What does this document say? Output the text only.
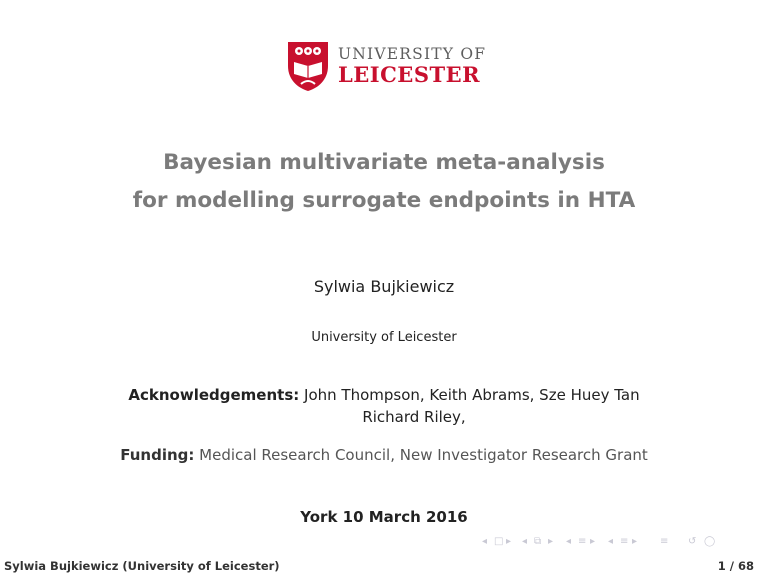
UNIVERSITY OF
LEICESTER
Bayesian multivariate meta-analysis
for modelling surrogate endpoints in HTA
Sylwia Bujkiewicz
University of Leicester
Acknowledgements: John Thompson, Keith Abrams, Sze Huey Tan
Richard Riley,
Funding: Medical Research Council, New Investigator Research Grant
York 10 March 2016
◂ □ ▸ ◂ ⧉ ▸ ◂ ≡ ▸ ◂ ≡ ▸ ≡ ↺ ◯
Sylwia Bujkiewicz (University of Leicester)	1 / 68
